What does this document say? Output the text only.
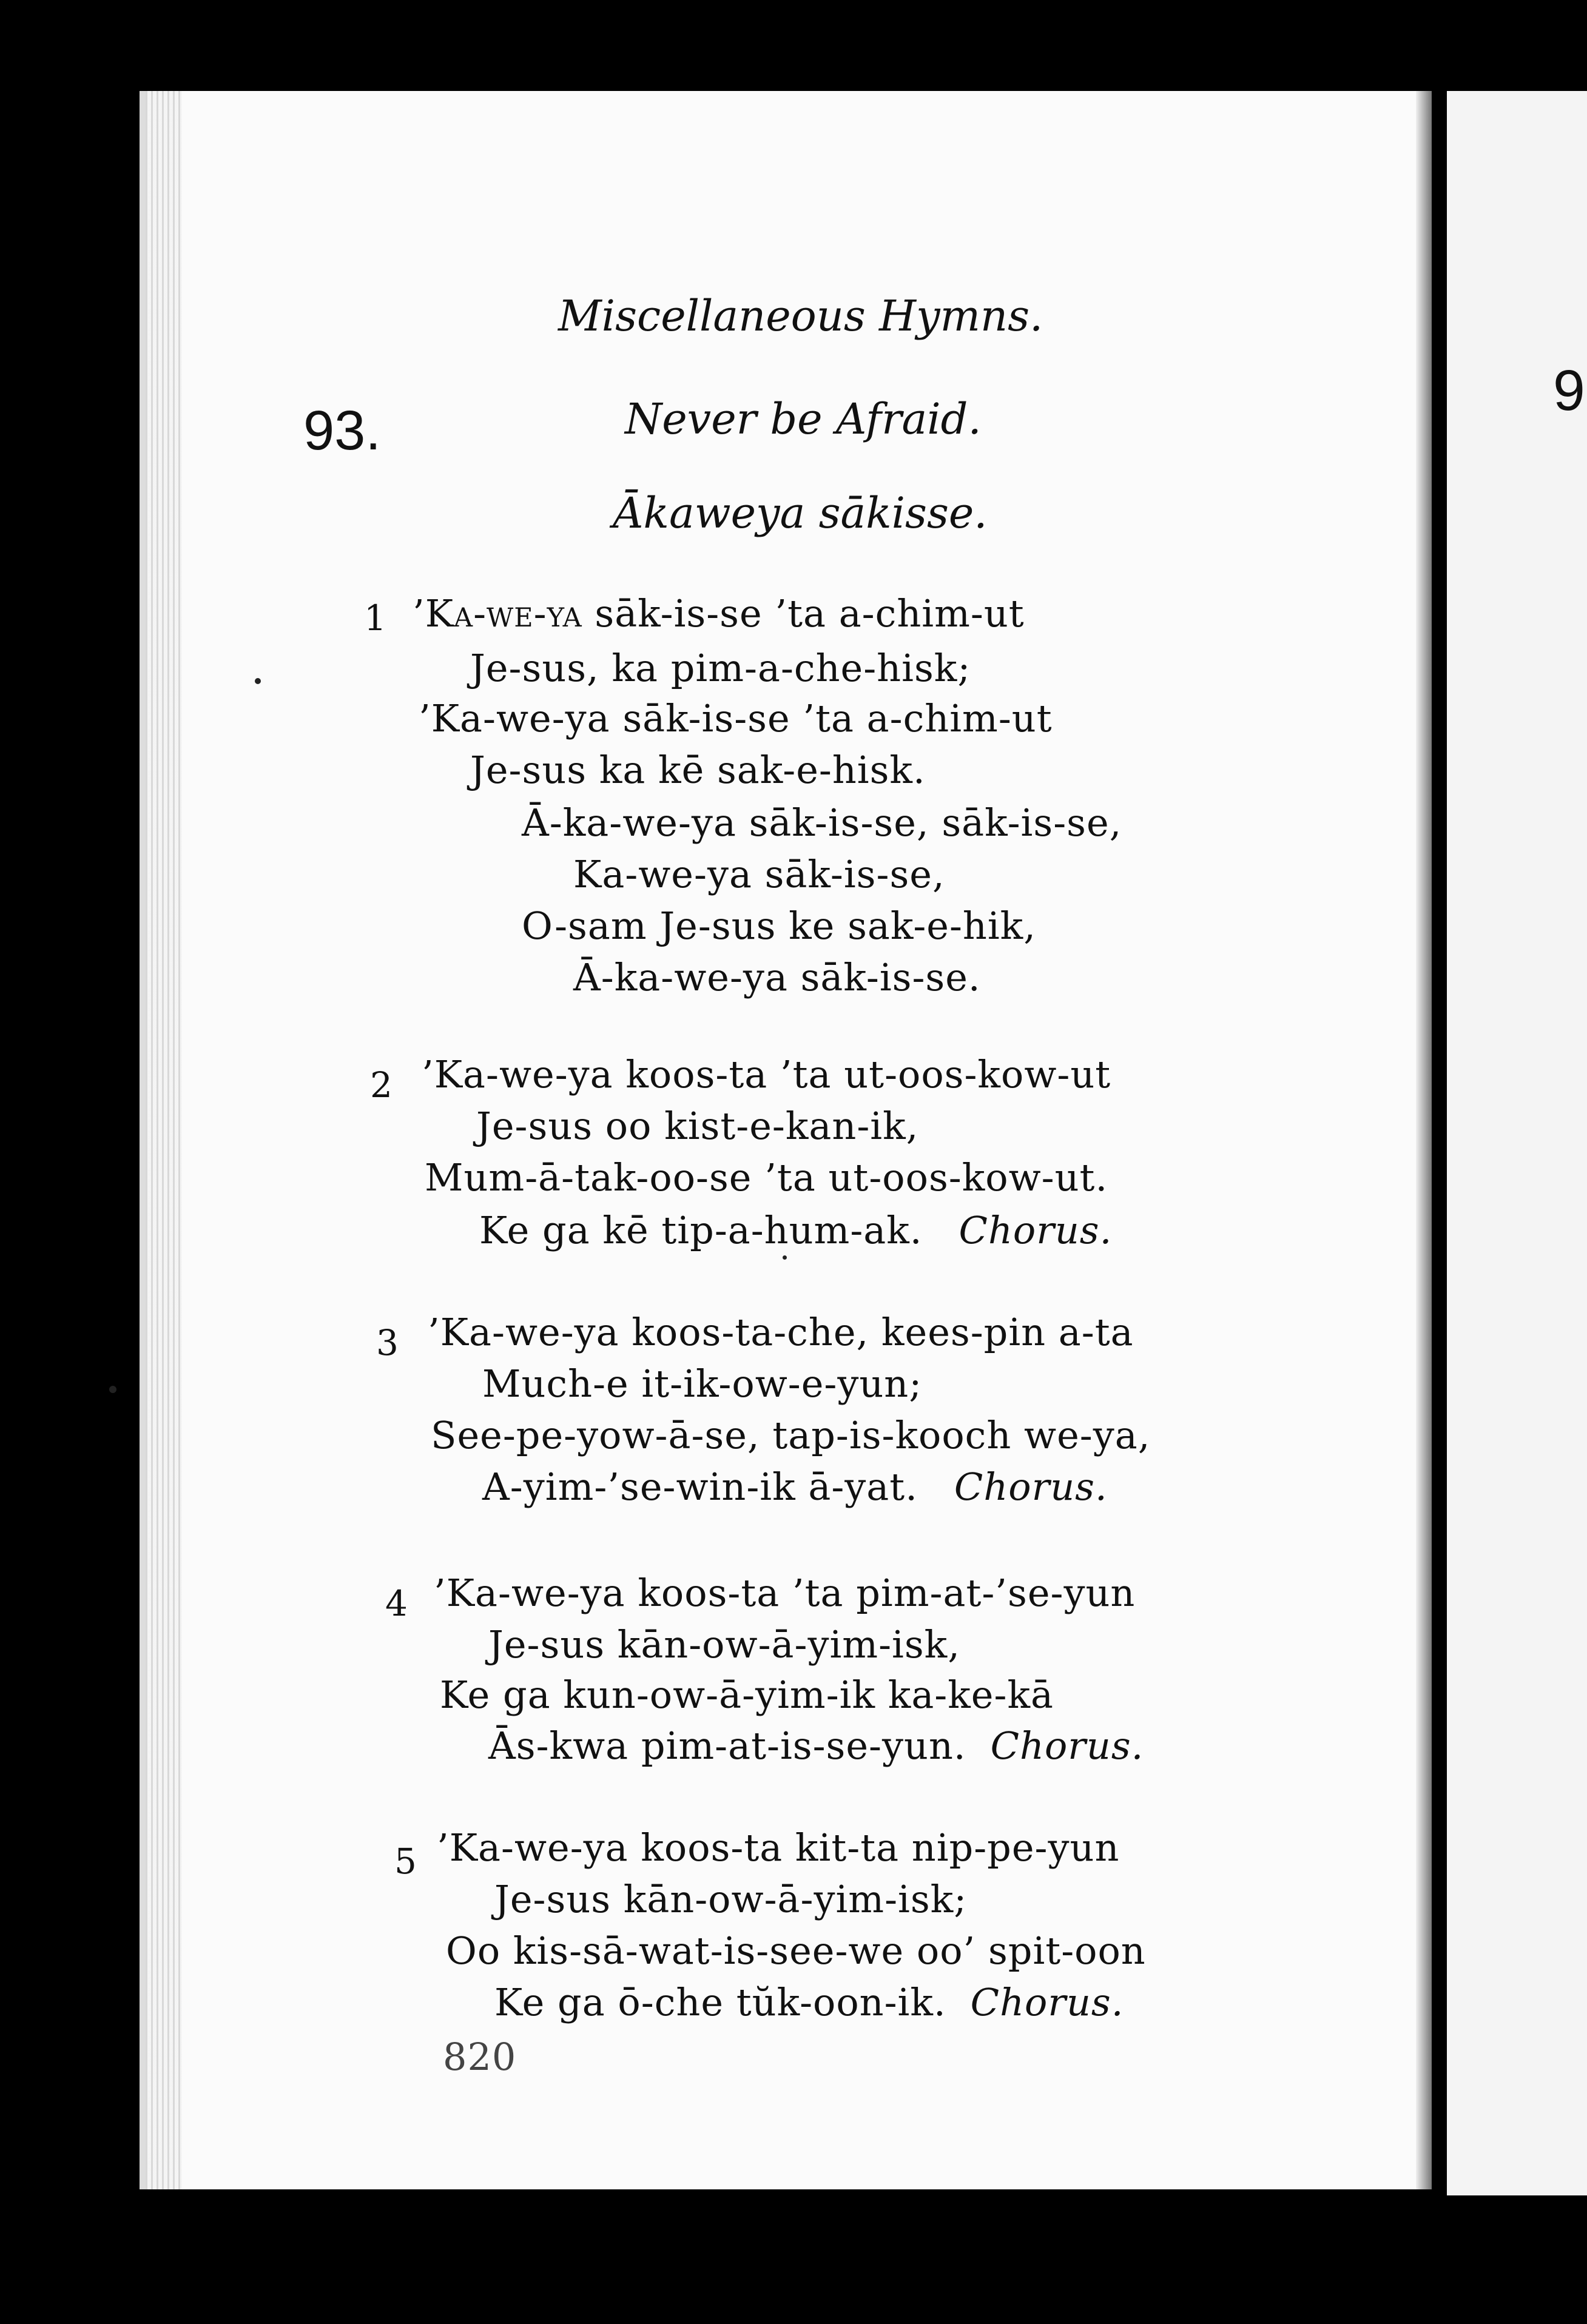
9
Miscellaneous Hymns.
93.	Never be Afraid.
Ākaweya sākisse.
1 ’Ka-we-ya sāk-is-se ’ta a-chim-ut
Je-sus, ka pim-a-che-hisk;
’Ka-we-ya sāk-is-se ’ta a-chim-ut
Je-sus ka kē sak-e-hisk.
Ā-ka-we-ya sāk-is-se, sāk-is-se,
Ka-we-ya sāk-is-se,
O-sam Je-sus ke sak-e-hik,
Ā-ka-we-ya sāk-is-se.
2 ’Ka-we-ya koos-ta ’ta ut-oos-kow-ut
Je-sus oo kist-e-kan-ik,
Mum-ā-tak-oo-se ’ta ut-oos-kow-ut.
Ke ga kē tip-a-hum-ak. Chorus.
3 ’Ka-we-ya koos-ta-che, kees-pin a-ta
Much-e it-ik-ow-e-yun;
See-pe-yow-ā-se, tap-is-kooch we-ya,
A-yim-’se-win-ik ā-yat. Chorus.
4 ’Ka-we-ya koos-ta ’ta pim-at-’se-yun
Je-sus kān-ow-ā-yim-isk,
Ke ga kun-ow-ā-yim-ik ka-ke-kā
Ās-kwa pim-at-is-se-yun. Chorus.
5 ’Ka-we-ya koos-ta kit-ta nip-pe-yun
Je-sus kān-ow-ā-yim-isk;
Oo kis-sā-wat-is-see-we oo’ spit-oon
Ke ga ō-che tŭk-oon-ik. Chorus.
820
